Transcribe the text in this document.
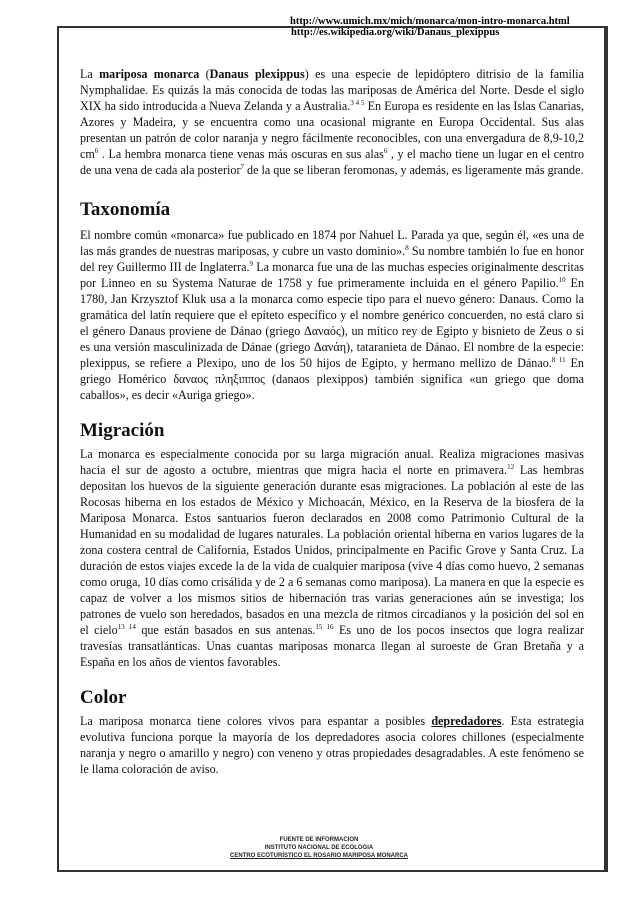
http://www.umich.mx/mich/monarca/mon-intro-monarca.html
http://es.wikipedia.org/wiki/Danaus_plexippus

La mariposa monarca (Danaus plexippus) es una especie de lepidóptero ditrisio de la familia Nymphalidae. Es quizás la más conocida de todas las mariposas de América del Norte. Desde el siglo XIX ha sido introducida a Nueva Zelanda y a Australia.$^{3 4 5}$ En Europa es residente en las Islas Canarias, Azores y Madeira, y se encuentra como una ocasional migrante en Europa Occidental. Sus alas presentan un patrón de color naranja y negro fácilmente reconocibles, con una envergadura de 8,9-10,2 $cm^6$ . La hembra monarca tiene venas más oscuras en sus alas$^6$ , y el macho tiene un lugar en el centro de una vena de cada ala posterior$^7$ de la que se liberan feromonas, y además, es ligeramente más grande.

Taxonomía

El nombre común «monarca» fue publicado en 1874 por Nahuel L. Parada ya que, según él, «es una de las más grandes de nuestras mariposas, y cubre un vasto dominio».$^8$ Su nombre también lo fue en honor del rey Guillermo III de Inglaterra.$^9$ La monarca fue una de las muchas especies originalmente descritas por Linneo en su Systema Naturae de 1758 y fue primeramente incluida en el género Papilio.$^{10}$ En 1780, Jan Krzysztof Kluk usa a la monarca como especie tipo para el nuevo género: Danaus. Como la gramática del latín requiere que el epíteto específico y el nombre genérico concuerden, no está claro si el género Danaus proviene de Dánao (griego Δαναός), un mítico rey de Egipto y bisnieto de Zeus o si es una versión masculinizada de Dánae (griego Δανάη), tataranieta de Dánao. El nombre de la especie: plexippus, se refiere a Plexipo, uno de los 50 hijos de Egipto, y hermano mellizo de Dánao.$^{8 11}$ En griego Homérico δαναος πληξιππος (danaos plexippos) también significa «un griego que doma caballos», es decir «Auriga griego».

Migración

La monarca es especialmente conocida por su larga migración anual. Realiza migraciones masivas hacia el sur de agosto a octubre, mientras que migra hacia el norte en primavera.$^{12}$ Las hembras depositan los huevos de la siguiente generación durante esas migraciones. La población al este de las Rocosas hiberna en los estados de México y Michoacán, México, en la Reserva de la biosfera de la Mariposa Monarca. Estos santuarios fueron declarados en 2008 como Patrimonio Cultural de la Humanidad en su modalidad de lugares naturales. La población oriental hiberna en varios lugares de la zona costera central de California, Estados Unidos, principalmente en Pacific Grove y Santa Cruz. La duración de estos viajes excede la de la vida de cualquier mariposa (vive 4 días como huevo, 2 semanas como oruga, 10 días como crisálida y de 2 a 6 semanas como mariposa). La manera en que la especie es capaz de volver a los mismos sitios de hibernación tras varias generaciones aún se investiga; los patrones de vuelo son heredados, basados en una mezcla de ritmos circadianos y la posición del sol en el cielo$^{13 14}$ que están basados en sus antenas.$^{15 16}$ Es uno de los pocos insectos que logra realizar travesías transatlánticas. Unas cuantas mariposas monarca llegan al suroeste de Gran Bretaña y a España en los años de vientos favorables.

Color

La mariposa monarca tiene colores vivos para espantar a posibles depredadores. Esta estrategia evolutiva funciona porque la mayoría de los depredadores asocia colores chillones (especialmente naranja y negro o amarillo y negro) con veneno y otras propiedades desagradables. A este fenómeno se le llama coloración de aviso.

FUENTE DE INFORMACION
INSTITUTO NACIONAL DE ECOLOGIA
CENTRO ECOTURÍSTICO EL ROSARIO MARIPOSA MONARCA
